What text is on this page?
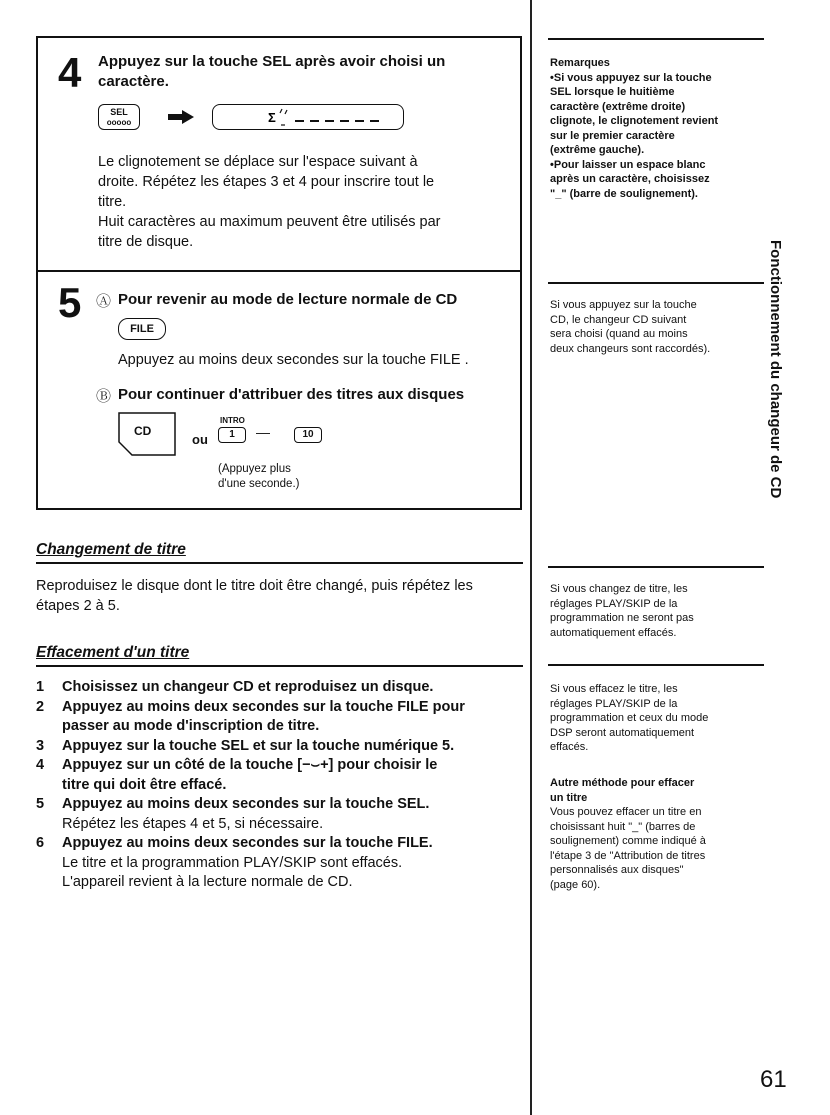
4 Appuyez sur la touche SEL après avoir choisi un
caractère.
SEL
ooooo	Σ
Le clignotement se déplace sur l'espace suivant à
droite. Répétez les étapes 3 et 4 pour inscrire tout le
titre.
Huit caractères au maximum peuvent être utilisés par
titre de disque.
5 Ⓐ Pour revenir au mode de lecture normale de CD
FILE
Appuyez au moins deux secondes sur la touche FILE .
Ⓑ Pour continuer d'attribuer des titres aux disques
CD
ou
INTRO
1	—	10
(Appuyez plus
d'une seconde.)
Changement de titre
Reproduisez le disque dont le titre doit être changé, puis répétez les
étapes 2 à 5.
Effacement d'un titre
1 Choisissez un changeur CD et reproduisez un disque.
2 Appuyez au moins deux secondes sur la touche FILE pour
passer au mode d'inscription de titre.
3 Appuyez sur la touche SEL et sur la touche numérique 5.
4 Appuyez sur un côté de la touche [−⌣+] pour choisir le
titre qui doit être effacé.
5 Appuyez au moins deux secondes sur la touche SEL.
Répétez les étapes 4 et 5, si nécessaire.
6 Appuyez au moins deux secondes sur la touche FILE.
Le titre et la programmation PLAY/SKIP sont effacés.
L'appareil revient à la lecture normale de CD.
Remarques
•Si vous appuyez sur la touche
SEL lorsque le huitième
caractère (extrême droite)
clignote, le clignotement revient
sur le premier caractère
(extrême gauche).
•Pour laisser un espace blanc
après un caractère, choisissez
"_" (barre de soulignement).
Si vous appuyez sur la touche
CD, le changeur CD suivant
sera choisi (quand au moins
deux changeurs sont raccordés).
Si vous changez de titre, les
réglages PLAY/SKIP de la
programmation ne seront pas
automatiquement effacés.
Si vous effacez le titre, les
réglages PLAY/SKIP de la
programmation et ceux du mode
DSP seront automatiquement
effacés.
Autre méthode pour effacer
un titre
Vous pouvez effacer un titre en
choisissant huit "_" (barres de
soulignement) comme indiqué à
l'étape 3 de "Attribution de titres
personnalisés aux disques"
(page 60).
Fonctionnement du changeur de CD
61
